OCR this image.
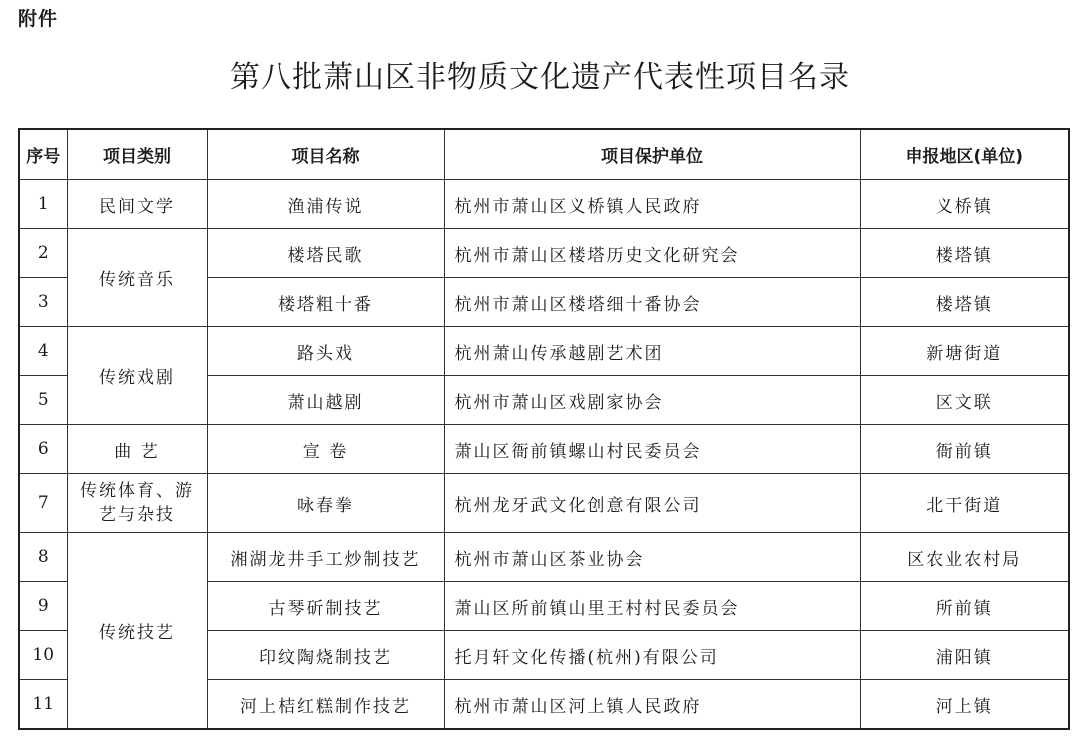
附件
第八批萧山区非物质文化遗产代表性项目名录
序号	项目类别	项目名称	项目保护单位	申报地区(单位)
1	民间文学	渔浦传说	杭州市萧山区义桥镇人民政府	义桥镇
2	传统音乐	楼塔民歌	杭州市萧山区楼塔历史文化研究会	楼塔镇
3		楼塔粗十番	杭州市萧山区楼塔细十番协会	楼塔镇
4	传统戏剧	路头戏	杭州萧山传承越剧艺术团	新塘街道
5		萧山越剧	杭州市萧山区戏剧家协会	区文联
6	曲 艺	宣 卷	萧山区衙前镇螺山村民委员会	衙前镇
7	传统体育、游艺与杂技	咏春拳	杭州龙牙武文化创意有限公司	北干街道
8	传统技艺	湘湖龙井手工炒制技艺	杭州市萧山区茶业协会	区农业农村局
9		古琴斫制技艺	萧山区所前镇山里王村村民委员会	所前镇
10		印纹陶烧制技艺	托月轩文化传播(杭州)有限公司	浦阳镇
11		河上桔红糕制作技艺	杭州市萧山区河上镇人民政府	河上镇
